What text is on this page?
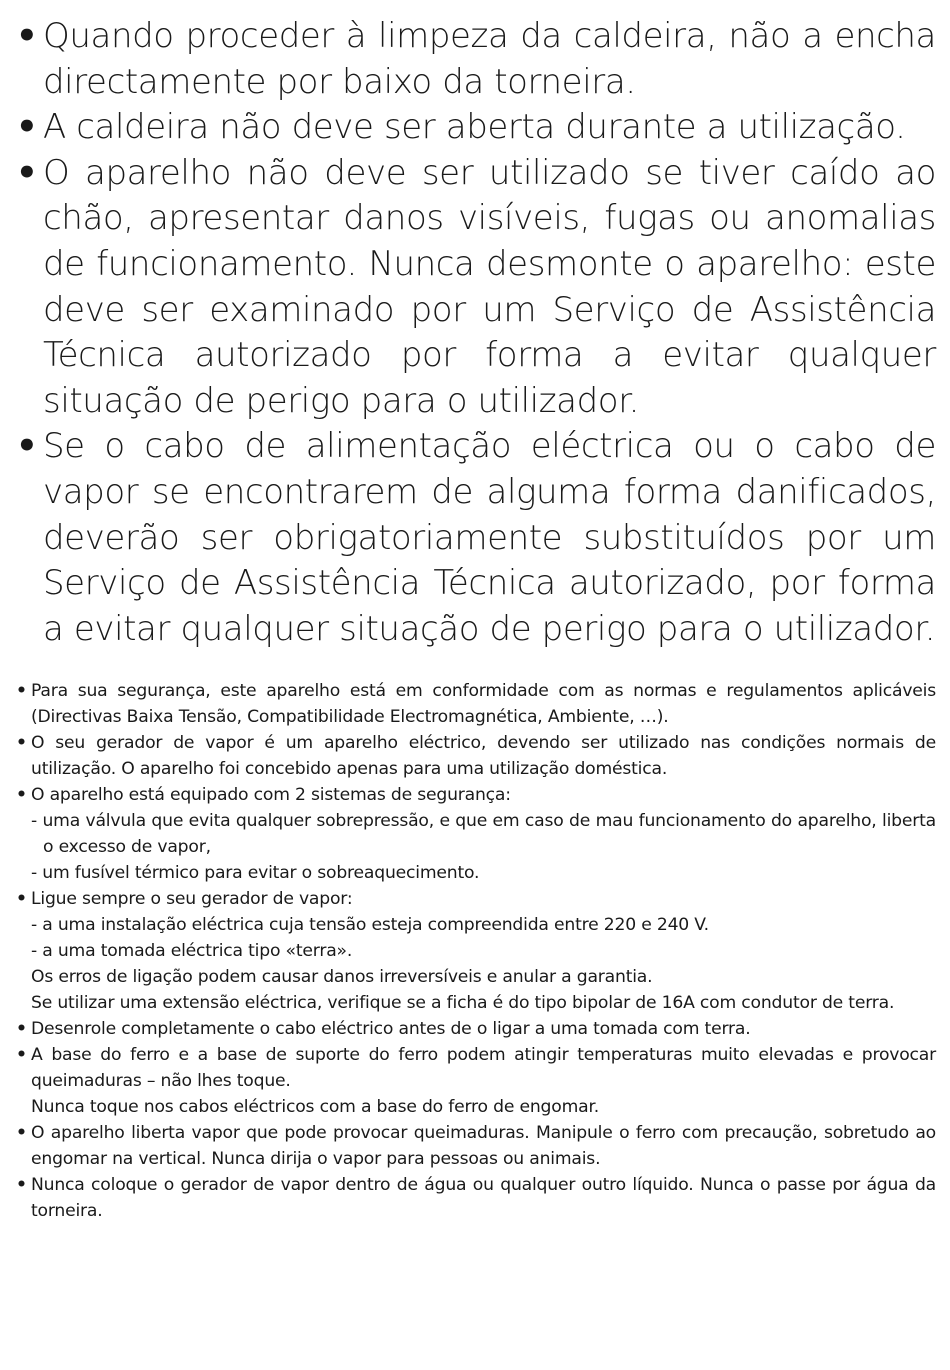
• Quando proceder à limpeza da caldeira, não a encha directamente por baixo da torneira.
• A caldeira não deve ser aberta durante a utilização.
• O aparelho não deve ser utilizado se tiver caído ao chão, apresentar danos visíveis, fugas ou anomalias de funcionamento. Nunca desmonte o aparelho: este deve ser examinado por um Serviço de Assistência Técnica autorizado por forma a evitar qualquer situação de perigo para o utilizador.
• Se o cabo de alimentação eléctrica ou o cabo de vapor se encontrarem de alguma forma danificados, deverão ser obrigatoriamente substituídos por um Serviço de Assistência Técnica autorizado, por forma a evitar qualquer situação de perigo para o utilizador.
• Para sua segurança, este aparelho está em conformidade com as normas e regulamentos aplicáveis (Directivas Baixa Tensão, Compatibilidade Electromagnética, Ambiente, …).
• O seu gerador de vapor é um aparelho eléctrico, devendo ser utilizado nas condições normais de utilização. O aparelho foi concebido apenas para uma utilização doméstica.
• O aparelho está equipado com 2 sistemas de segurança:
- uma válvula que evita qualquer sobrepressão, e que em caso de mau funcionamento do aparelho, liberta o excesso de vapor,
- um fusível térmico para evitar o sobreaquecimento.
• Ligue sempre o seu gerador de vapor:
- a uma instalação eléctrica cuja tensão esteja compreendida entre 220 e 240 V.
- a uma tomada eléctrica tipo «terra».
Os erros de ligação podem causar danos irreversíveis e anular a garantia.
Se utilizar uma extensão eléctrica, verifique se a ficha é do tipo bipolar de 16A com condutor de terra.
• Desenrole completamente o cabo eléctrico antes de o ligar a uma tomada com terra.
• A base do ferro e a base de suporte do ferro podem atingir temperaturas muito elevadas e provocar queimaduras – não lhes toque.
Nunca toque nos cabos eléctricos com a base do ferro de engomar.
• O aparelho liberta vapor que pode provocar queimaduras. Manipule o ferro com precaução, sobretudo ao engomar na vertical. Nunca dirija o vapor para pessoas ou animais.
• Nunca coloque o gerador de vapor dentro de água ou qualquer outro líquido. Nunca o passe por água da torneira.
